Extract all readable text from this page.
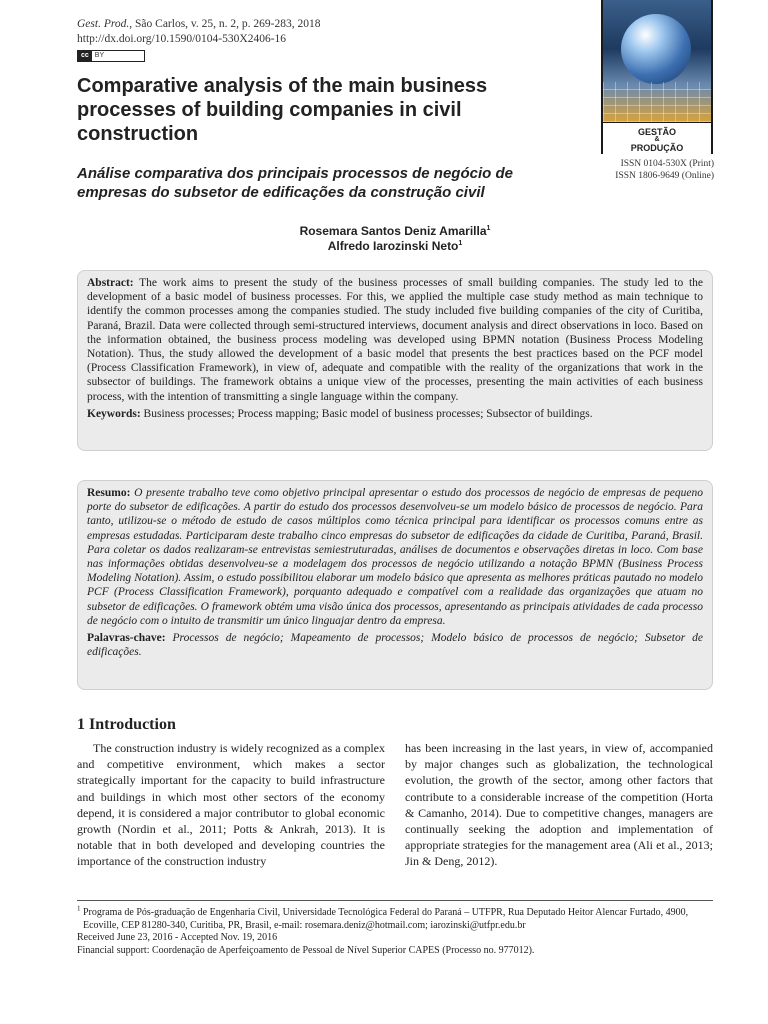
Gest. Prod., São Carlos, v. 25, n. 2, p. 269-283, 2018
http://dx.doi.org/10.1590/0104-530X2406-16
cc BY
GESTÃO
&
PRODUÇÃO
ISSN 0104-530X (Print)
ISSN 1806-9649 (Online)
Comparative analysis of the main business processes of building companies in civil construction
Análise comparativa dos principais processos de negócio de empresas do subsetor de edificações da construção civil
Rosemara Santos Deniz Amarilla$^1$
Alfredo Iarozinski Neto$^1$

Abstract: The work aims to present the study of the business processes of small building companies. The study led to the development of a basic model of business processes. For this, we applied the multiple case study method as main technique to identify the common processes among the companies studied. The study included five building companies of the city of Curitiba, Paraná, Brazil. Data were collected through semi-structured interviews, document analysis and direct observations in loco. Based on the information obtained, the business process modeling was developed using BPMN notation (Business Process Modeling Notation). Thus, the study allowed the development of a basic model that presents the best practices based on the PCF model (Process Classification Framework), in view of, adequate and compatible with the reality of the organizations that work in the subsector of buildings. The framework obtains a unique view of the processes, presenting the main activities of each business process, with the intention of transmitting a single language within the company.

Keywords: Business processes; Process mapping; Basic model of business processes; Subsector of buildings.

Resumo: O presente trabalho teve como objetivo principal apresentar o estudo dos processos de negócio de empresas de pequeno porte do subsetor de edificações. A partir do estudo dos processos desenvolveu-se um modelo básico de processos de negócio. Para tanto, utilizou-se o método de estudo de casos múltiplos como técnica principal para identificar os processos comuns entre as empresas estudadas. Participaram deste trabalho cinco empresas do subsetor de edificações da cidade de Curitiba, Paraná, Brasil. Para coletar os dados realizaram-se entrevistas semiestruturadas, análises de documentos e observações diretas in loco. Com base nas informações obtidas desenvolveu-se a modelagem dos processos de negócio utilizando a notação BPMN (Business Process Modeling Notation). Assim, o estudo possibilitou elaborar um modelo básico que apresenta as melhores práticas pautado no modelo PCF (Process Classification Framework), porquanto adequado e compatível com a realidade das organizações que atuam no subsetor de edificações. O framework obtém uma visão única dos processos, apresentando as principais atividades de cada processo de negócio com o intuito de transmitir um único linguajar dentro da empresa.

Palavras-chave: Processos de negócio; Mapeamento de processos; Modelo básico de processos de negócio; Subsetor de edificações.

1 Introduction
The construction industry is widely recognized as a complex and competitive environment, which makes a sector strategically important for the capacity to build infrastructure and buildings in which most other sectors of the economy depend, it is considered a major contributor to global economic growth (Nordin et al., 2011; Potts & Ankrah, 2013). It is notable that in both developed and developing countries the importance of the construction industry
has been increasing in the last years, in view of, accompanied by major changes such as globalization, the technological evolution, the growth of the sector, among other factors that contribute to a considerable increase of the competition (Horta & Camanho, 2014). Due to competitive changes, managers are continually seeking the adoption and implementation of appropriate strategies for the management area (Ali et al., 2013; Jin & Deng, 2012).

$^1$ Programa de Pós-graduação de Engenharia Civil, Universidade Tecnológica Federal do Paraná – UTFPR, Rua Deputado Heitor Alencar Furtado, 4900, Ecoville, CEP 81280-340, Curitiba, PR, Brasil, e-mail: rosemara.deniz@hotmail.com; iarozinski@utfpr.edu.br

Received June 23, 2016 - Accepted Nov. 19, 2016

Financial support: Coordenação de Aperfeiçoamento de Pessoal de Nível Superior CAPES (Processo no. 977012).
